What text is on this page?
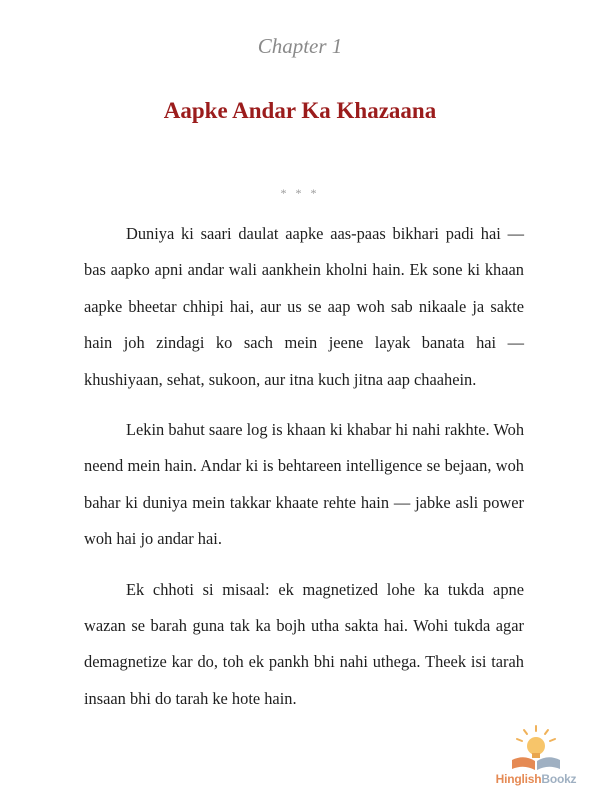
Chapter 1
Aapke Andar Ka Khazaana
* * *

Duniya ki saari daulat aapke aas-paas bikhari padi hai — bas aapko apni andar wali aankhein kholni hain. Ek sone ki khaan aapke bheetar chhipi hai, aur us se aap woh sab nikaale ja sakte hain joh zindagi ko sach mein jeene layak banata hai — khushiyaan, sehat, sukoon, aur itna kuch jitna aap chaahein.

Lekin bahut saare log is khaan ki khabar hi nahi rakhte. Woh neend mein hain. Andar ki is behtareen intelligence se bejaan, woh bahar ki duniya mein takkar khaate rehte hain — jabke asli power woh hai jo andar hai.

Ek chhoti si misaal: ek magnetized lohe ka tukda apne wazan se barah guna tak ka bojh utha sakta hai. Wohi tukda agar demagnetize kar do, toh ek pankh bhi nahi uthega. Theek isi tarah insaan bhi do tarah ke hote hain.

HinglishBookz
